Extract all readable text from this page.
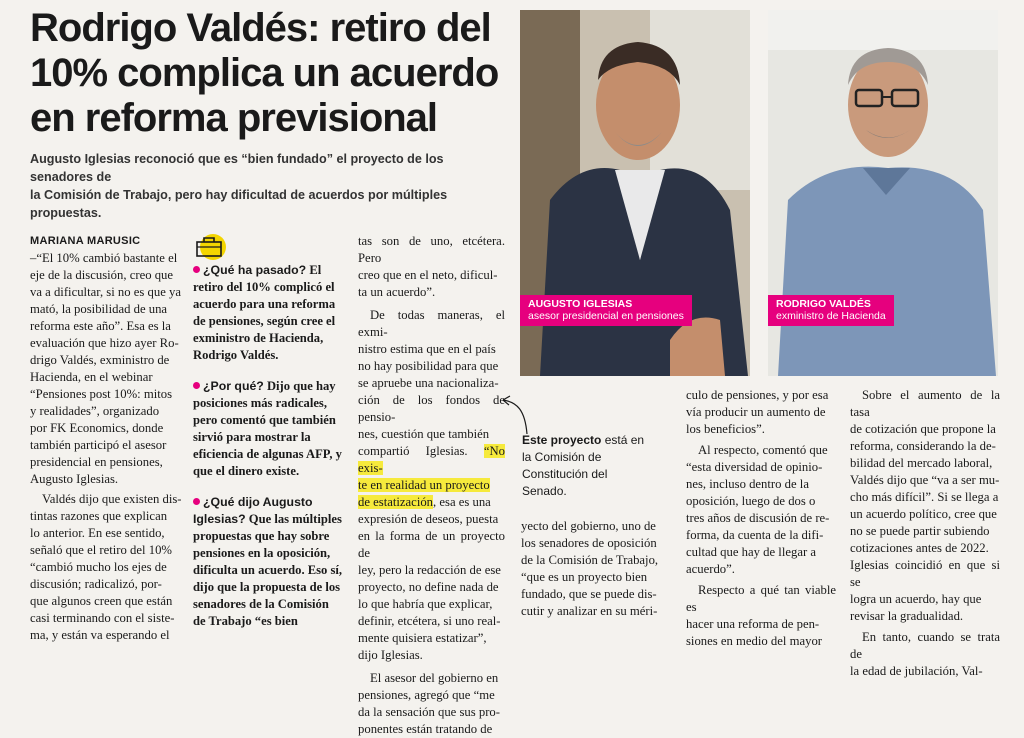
Rodrigo Valdés: retiro del
10% complica un acuerdo
en reforma previsional
Augusto Iglesias reconoció que es “bien fundado” el proyecto de los senadores de
la Comisión de Trabajo, pero hay dificultad de acuerdos por múltiples propuestas.

MARIANA MARUSIC

–“El 10% cambió bastante el
eje de la discusión, creo que
va a dificultar, si no es que ya
mató, la posibilidad de una
reforma este año”. Esa es la
evaluación que hizo ayer Ro-
drigo Valdés, exministro de
Hacienda, en el webinar
“Pensiones post 10%: mitos
y realidades”, organizado
por FK Economics, donde
también participó el asesor
presidencial en pensiones,
Augusto Iglesias.

Valdés dijo que existen dis-
tintas razones que explican
lo anterior. En ese sentido,
señaló que el retiro del 10%
“cambió mucho los ejes de
discusión; radicalizó, por-
que algunos creen que están
casi terminando con el siste-
ma, y están va esperando el

¿Qué ha pasado? El retiro del 10% complicó el acuerdo para una reforma de pensiones, según cree el exministro de Hacienda, Rodrigo Valdés.

¿Por qué? Dijo que hay posiciones más radicales, pero comentó que también sirvió para mostrar la eficiencia de algunas AFP, y que el dinero existe.

¿Qué dijo Augusto Iglesias? Que las múltiples propuestas que hay sobre pensiones en la oposición, dificulta un acuerdo. Eso sí, dijo que la propuesta de los senadores de la Comisión de Trabajo “es bien

tas son de uno, etcétera. Pero
creo que en el neto, dificul-
ta un acuerdo”.

De todas maneras, el exmi-
nistro estima que en el país
no hay posibilidad para que
se apruebe una nacionaliza-
ción de los fondos de pensio-
nes, cuestión que también
compartió Iglesias. “No exis-
te en realidad un proyecto
de estatización, esa es una
expresión de deseos, puesta
en la forma de un proyecto de
ley, pero la redacción de ese
proyecto, no define nada de
lo que habría que explicar,
definir, etcétera, si uno real-
mente quisiera estatizar”,
dijo Iglesias.

El asesor del gobierno en
pensiones, agregó que “me
da la sensación que sus pro-
ponentes están tratando de

AUGUSTO IGLESIAS
asesor presidencial en pensiones
RODRIGO VALDÉS
exministro de Hacienda
Este proyecto está en la Comisión de Constitución del Senado.

yecto del gobierno, uno de
los senadores de oposición
de la Comisión de Trabajo,
“que es un proyecto bien
fundado, que se puede dis-
cutir y analizar en su méri-

culo de pensiones, y por esa
vía producir un aumento de
los beneficios”.

Al respecto, comentó que
“esta diversidad de opinio-
nes, incluso dentro de la
oposición, luego de dos o
tres años de discusión de re-
forma, da cuenta de la difi-
cultad que hay de llegar a
acuerdo”.

Respecto a qué tan viable es
hacer una reforma de pen-
siones en medio del mayor

Sobre el aumento de la tasa
de cotización que propone la
reforma, considerando la de-
bilidad del mercado laboral,
Valdés dijo que “va a ser mu-
cho más difícil”. Si se llega a
un acuerdo político, cree que
no se puede partir subiendo
cotizaciones antes de 2022.
Iglesias coincidió en que si se
logra un acuerdo, hay que
revisar la gradualidad.

En tanto, cuando se trata de
la edad de jubilación, Val-
